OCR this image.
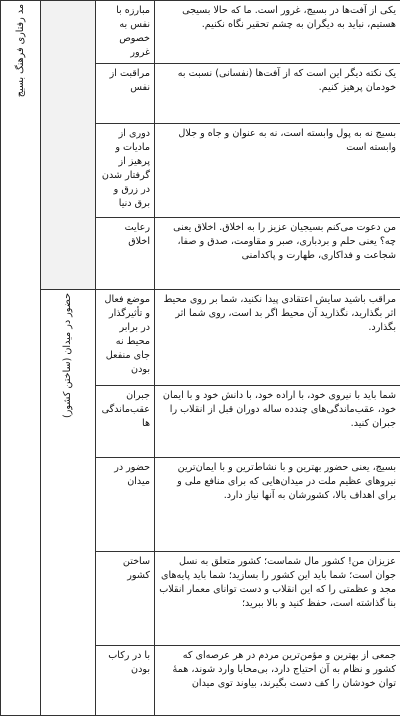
مد رفتاری فرهنگ بسیج		مبارزه با نفس به خصوص غرور	یکی از آفت‌ها در بسیج، غرور است. ما که حالا بسیجی هستیم، نباید به دیگران به چشم تحقیر نگاه نکنیم.
		مراقبت از نفس	یک نکته دیگر این است که از آفت‌ها (نفسانی) نسبت به خودمان پرهیز کنیم.
		دوری از مادیات و پرهیز از گرفتار شدن در زرق و برق دنیا	بسیج نه به پول وابسته است، نه به عنوان و جاه و جلال وابسته است
		رعایت اخلاق	من دعوت می‌کنم بسیجیان عزیز را به اخلاق. اخلاق یعنی چه؟ یعنی حلم و بردباری، صبر و مقاومت، صدق و صفا، شجاعت و فداکاری، طهارت و پاکدامنی

	حضور در میدان (ساختن کشور)	موضع فعال و تأثیرگذار در برابر محیط نه جای منفعل بودن	مراقب باشید سایش اعتقادی پیدا نکنید، شما بر روی محیط اثر بگذارید، نگذارید آن محیط اگر بد است، روی شما اثر بگذارد.
		جبران عقب‌ماندگی‌ها	شما باید با نیروی خود، با اراده خود، با دانش خود و با ایمان خود، عقب‌ماندگی‌های چندده ساله دوران قبل از انقلاب را جبران کنید.
		حضور در میدان	بسیج، یعنی حضور بهترین و با نشاط‌ترین و با ایمان‌ترین نیروهای عظیم ملت در میدان‌هایی که برای منافع ملی و برای اهداف بالا، کشورشان به آنها نیاز دارد.
		ساختن کشور	عزیزان من! کشور مال شماست؛ کشور متعلق به نسل جوان است؛ شما باید این کشور را بسازید؛ شما باید پایه‌های مجد و عظمتی را که این انقلاب و دست توانای معمار انقلاب بنا گذاشته است، حفظ کنید و بالا ببرید؛
		با در رکاب بودن	جمعی از بهترین و مؤمن‌ترین مردم در هر عرصه‌ای که کشور و نظام به آن احتیاج دارد، بی‌محابا وارد شوند، همهٔ توان خودشان را کف دست بگیرند، بیاوند توی میدان
